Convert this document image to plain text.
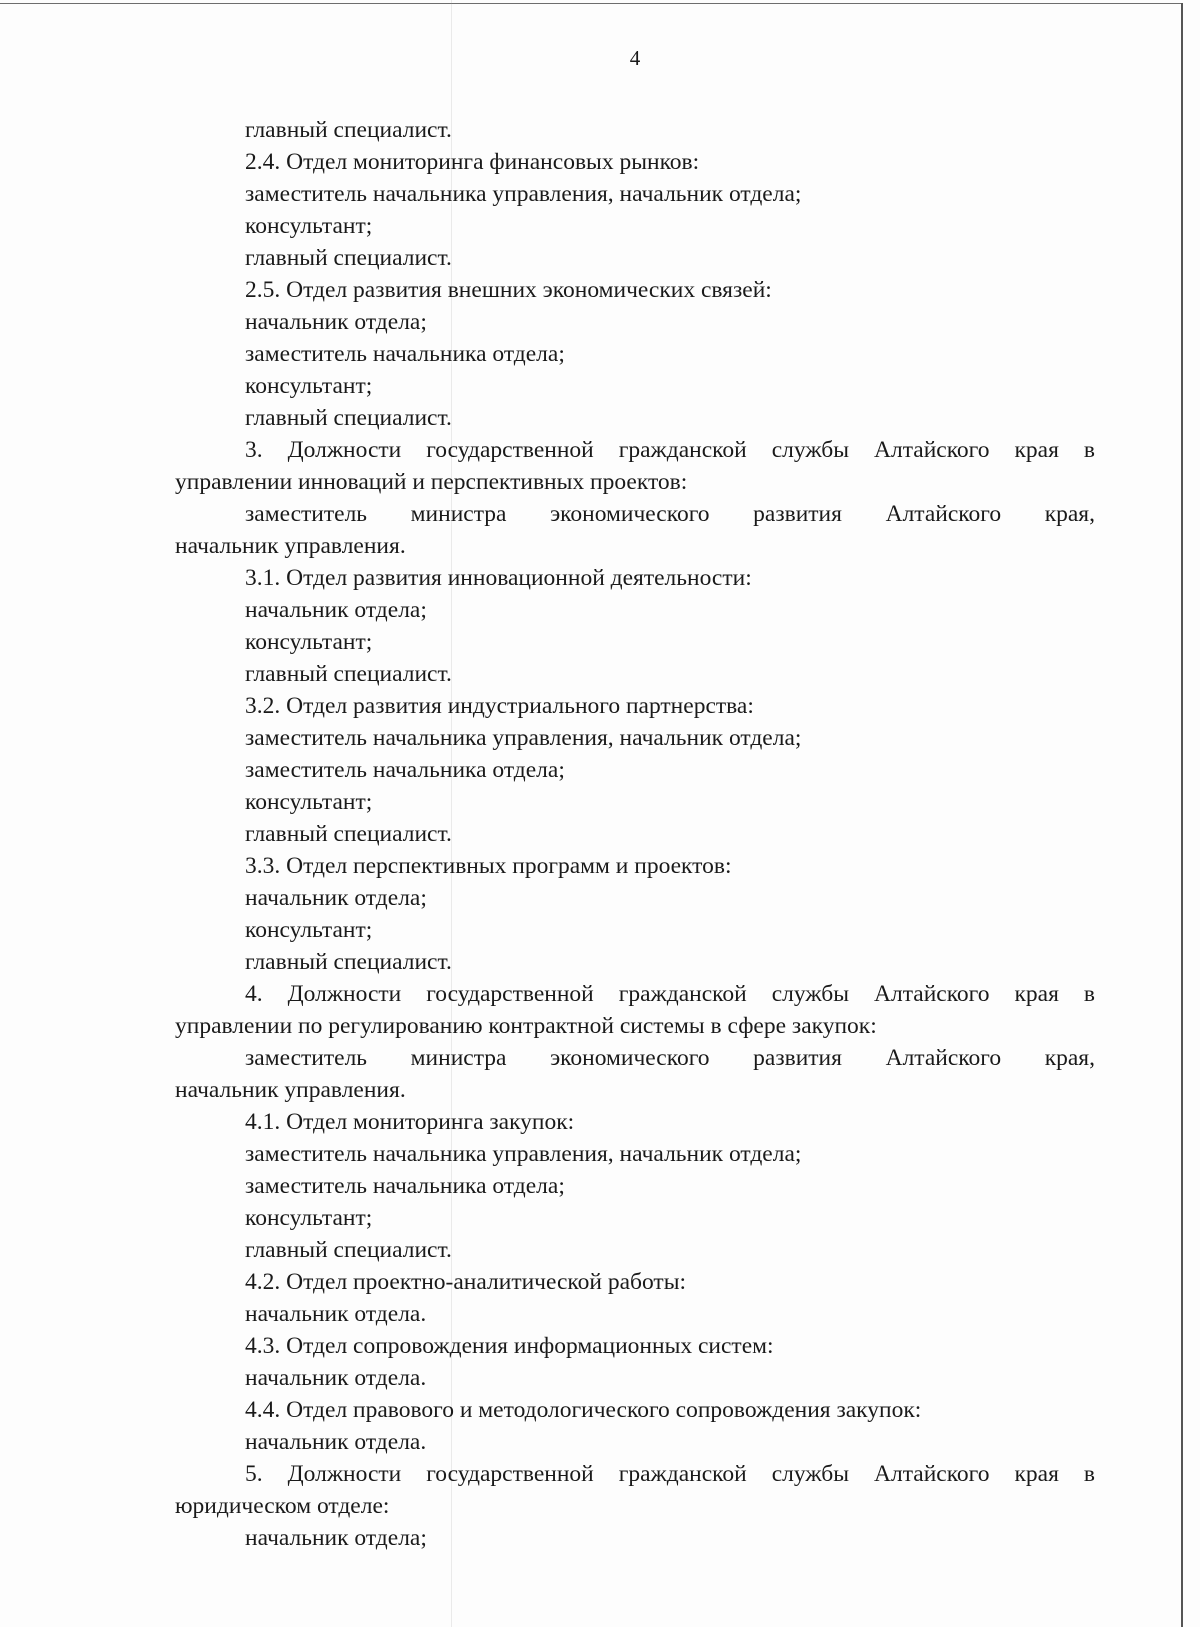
4
главный специалист.
2.4. Отдел мониторинга финансовых рынков:
заместитель начальника управления, начальник отдела;
консультант;
главный специалист.
2.5. Отдел развития внешних экономических связей:
начальник отдела;
заместитель начальника отдела;
консультант;
главный специалист.
3. Должности государственной гражданской службы Алтайского края в
управлении инноваций и перспективных проектов:
заместитель министра экономического развития Алтайского края,
начальник управления.
3.1. Отдел развития инновационной деятельности:
начальник отдела;
консультант;
главный специалист.
3.2. Отдел развития индустриального партнерства:
заместитель начальника управления, начальник отдела;
заместитель начальника отдела;
консультант;
главный специалист.
3.3. Отдел перспективных программ и проектов:
начальник отдела;
консультант;
главный специалист.
4. Должности государственной гражданской службы Алтайского края в
управлении по регулированию контрактной системы в сфере закупок:
заместитель министра экономического развития Алтайского края,
начальник управления.
4.1. Отдел мониторинга закупок:
заместитель начальника управления, начальник отдела;
заместитель начальника отдела;
консультант;
главный специалист.
4.2. Отдел проектно-аналитической работы:
начальник отдела.
4.3. Отдел сопровождения информационных систем:
начальник отдела.
4.4. Отдел правового и методологического сопровождения закупок:
начальник отдела.
5. Должности государственной гражданской службы Алтайского края в
юридическом отделе:
начальник отдела;
